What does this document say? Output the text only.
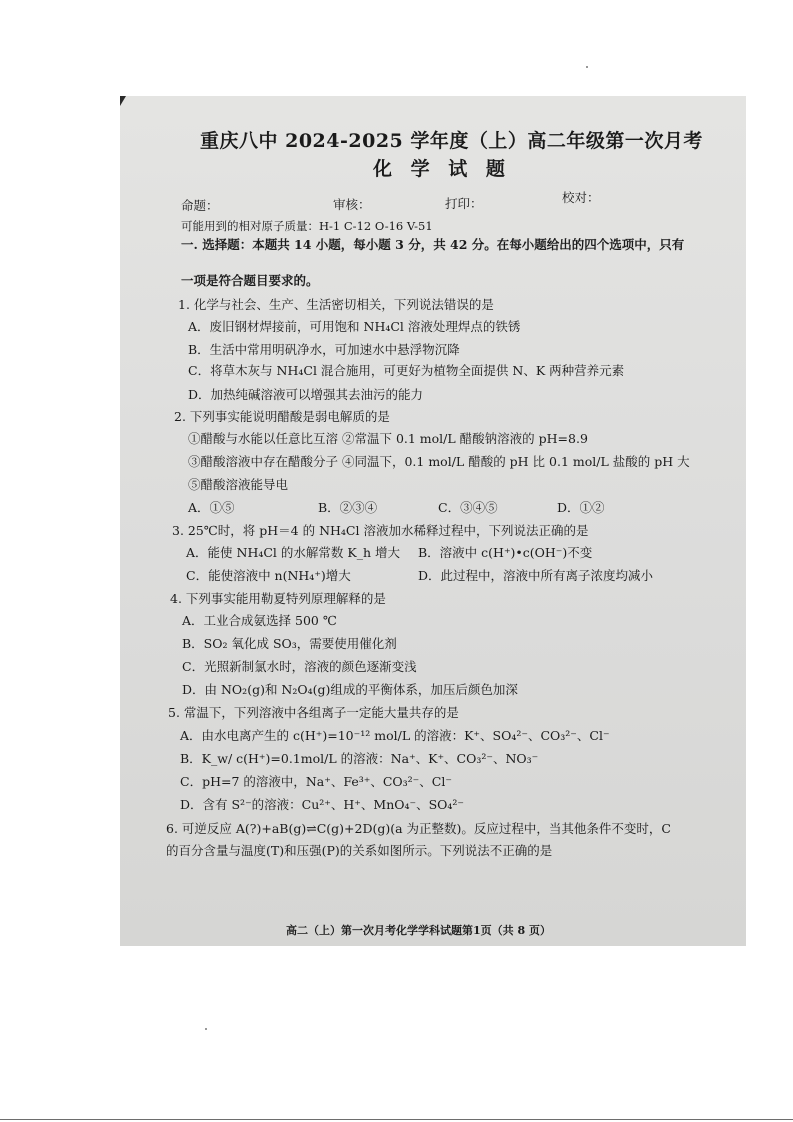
重庆八中 2024-2025 学年度（上）高二年级第一次月考
化 学 试 题
命题：	审核：	打印：	校对：
可能用到的相对原子质量：H-1 C-12 O-16 V-51
一. 选择题：本题共 14 小题，每小题 3 分，共 42 分。在每小题给出的四个选项中，只有
一项是符合题目要求的。
1. 化学与社会、生产、生活密切相关，下列说法错误的是
A．废旧钢材焊接前，可用饱和 NH₄Cl 溶液处理焊点的铁锈
B．生活中常用明矾净水，可加速水中悬浮物沉降
C．将草木灰与 NH₄Cl 混合施用，可更好为植物全面提供 N、K 两种营养元素
D．加热纯碱溶液可以增强其去油污的能力
2. 下列事实能说明醋酸是弱电解质的是
①醋酸与水能以任意比互溶 ②常温下 0.1 mol/L 醋酸钠溶液的 pH=8.9
③醋酸溶液中存在醋酸分子 ④同温下，0.1 mol/L 醋酸的 pH 比 0.1 mol/L 盐酸的 pH 大
⑤醋酸溶液能导电
A．①⑤	B．②③④	C．③④⑤	D．①②
3. 25℃时，将 pH＝4 的 NH₄Cl 溶液加水稀释过程中，下列说法正确的是
A．能使 NH₄Cl 的水解常数 K_h 增大 B．溶液中 c(H⁺)•c(OH⁻)不变
C．能使溶液中 n(NH₄⁺)增大	D．此过程中，溶液中所有离子浓度均减小
4. 下列事实能用勒夏特列原理解释的是
A．工业合成氨选择 500 ℃
B．SO₂ 氧化成 SO₃，需要使用催化剂
C．光照新制氯水时，溶液的颜色逐渐变浅
D．由 NO₂(g)和 N₂O₄(g)组成的平衡体系，加压后颜色加深
5. 常温下，下列溶液中各组离子一定能大量共存的是
A．由水电离产生的 c(H⁺)=10⁻¹² mol/L 的溶液：K⁺、SO₄²⁻、CO₃²⁻、Cl⁻
B．K_w/ c(H⁺)=0.1mol/L 的溶液：Na⁺、K⁺、CO₃²⁻、NO₃⁻
C．pH=7 的溶液中，Na⁺、Fe³⁺、CO₃²⁻、Cl⁻
D．含有 S²⁻的溶液：Cu²⁺、H⁺、MnO₄⁻、SO₄²⁻
6. 可逆反应 A(?)+aB(g)⇌C(g)+2D(g)(a 为正整数)。反应过程中，当其他条件不变时，C
的百分含量与温度(T)和压强(P)的关系如图所示。下列说法不正确的是
高二（上）第一次月考化学学科试题第1页（共 8 页）
